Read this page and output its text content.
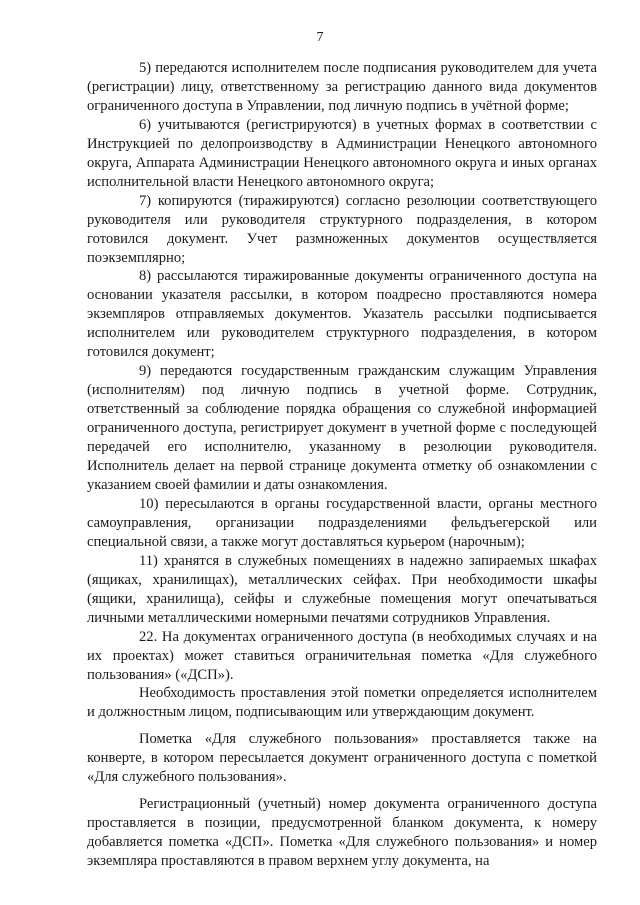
7

5) передаются исполнителем после подписания руководителем для учета (регистрации) лицу, ответственному за регистрацию данного вида документов ограниченного доступа в Управлении, под личную подпись в учётной форме;

6) учитываются (регистрируются) в учетных формах в соответствии с Инструкцией по делопроизводству в Администрации Ненецкого автономного округа, Аппарата Администрации Ненецкого автономного округа и иных органах исполнительной власти Ненецкого автономного округа;

7) копируются (тиражируются) согласно резолюции соответствующего руководителя или руководителя структурного подразделения, в котором готовился документ. Учет размноженных документов осуществляется поэкземплярно;

8) рассылаются тиражированные документы ограниченного доступа на основании указателя рассылки, в котором поадресно проставляются номера экземпляров отправляемых документов. Указатель рассылки подписывается исполнителем или руководителем структурного подразделения, в котором готовился документ;

9) передаются государственным гражданским служащим Управления (исполнителям) под личную подпись в учетной форме. Сотрудник, ответственный за соблюдение порядка обращения со служебной информацией ограниченного доступа, регистрирует документ в учетной форме с последующей передачей его исполнителю, указанному в резолюции руководителя. Исполнитель делает на первой странице документа отметку об ознакомлении с указанием своей фамилии и даты ознакомления.

10) пересылаются в органы государственной власти, органы местного самоуправления, организации подразделениями фельдъегерской или специальной связи, а также могут доставляться курьером (нарочным);

11) хранятся в служебных помещениях в надежно запираемых шкафах (ящиках, хранилищах), металлических сейфах. При необходимости шкафы (ящики, хранилища), сейфы и служебные помещения могут опечатываться личными металлическими номерными печатями сотрудников Управления.

22. На документах ограниченного доступа (в необходимых случаях и на их проектах) может ставиться ограничительная пометка «Для служебного пользования» («ДСП»).

Необходимость проставления этой пометки определяется исполнителем и должностным лицом, подписывающим или утверждающим документ.

Пометка «Для служебного пользования» проставляется также на конверте, в котором пересылается документ ограниченного доступа с пометкой «Для служебного пользования».

Регистрационный (учетный) номер документа ограниченного доступа проставляется в позиции, предусмотренной бланком документа, к номеру добавляется пометка «ДСП». Пометка «Для служебного пользования» и номер экземпляра проставляются в правом верхнем углу документа, на
